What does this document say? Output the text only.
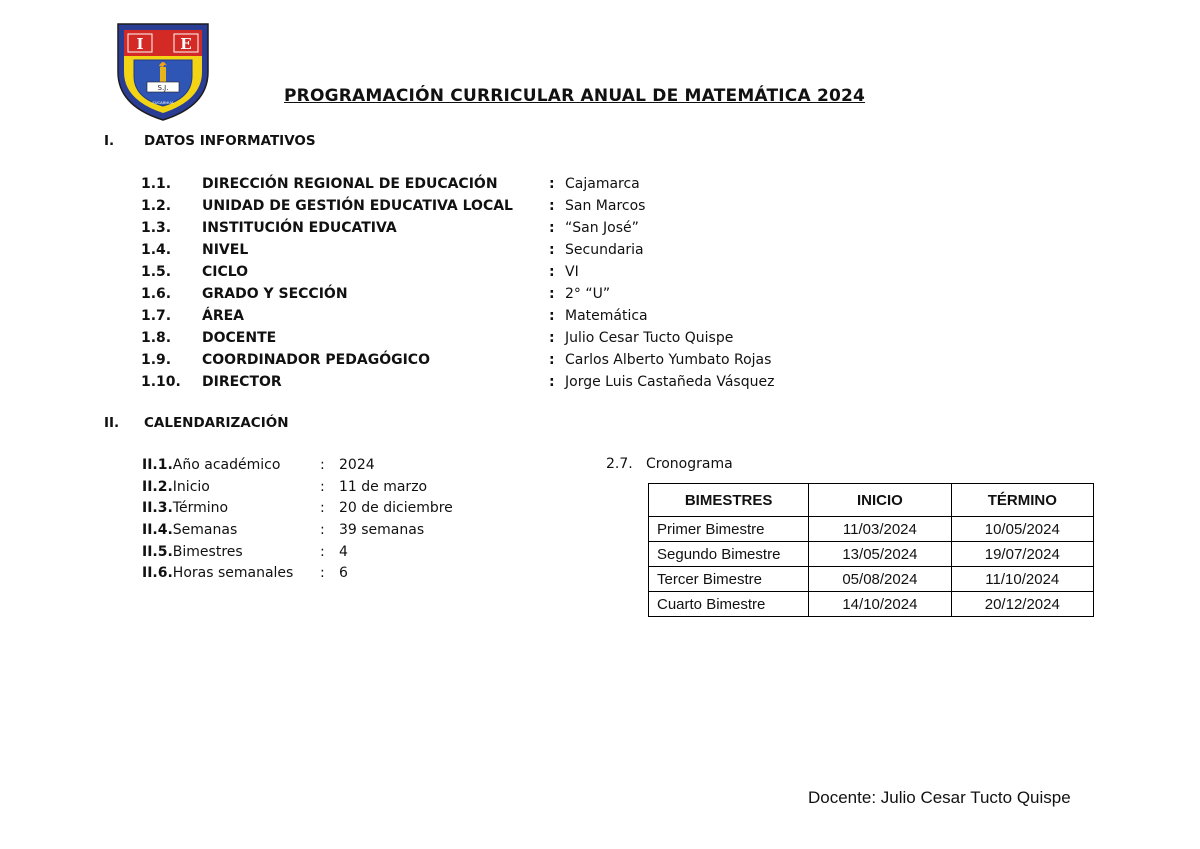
I E
S.J.
SUCARHUA	PROGRAMACIÓN CURRICULAR ANUAL DE MATEMÁTICA 2024
I. DATOS INFORMATIVOS
1.1. DIRECCIÓN REGIONAL DE EDUCACIÓN	: Cajamarca
1.2. UNIDAD DE GESTIÓN EDUCATIVA LOCAL	: San Marcos
1.3. INSTITUCIÓN EDUCATIVA	: “San José”
1.4. NIVEL	: Secundaria
1.5. CICLO	: VI
1.6. GRADO Y SECCIÓN	: 2° “U”
1.7. ÁREA	: Matemática
1.8. DOCENTE	: Julio Cesar Tucto Quispe
1.9. COORDINADOR PEDAGÓGICO	: Carlos Alberto Yumbato Rojas
1.10. DIRECTOR	: Jorge Luis Castañeda Vásquez
II. CALENDARIZACIÓN
II.1.Año académico	: 2024
II.2.Inicio	: 11 de marzo
II.3.Término	: 20 de diciembre
II.4.Semanas	: 39 semanas
II.5.Bimestres	: 4
II.6.Horas semanales : 6
2.7. Cronograma
BIMESTRES	INICIO	TÉRMINO
Primer Bimestre	11/03/2024	10/05/2024
Segundo Bimestre	13/05/2024	19/07/2024
Tercer Bimestre	05/08/2024	11/10/2024
Cuarto Bimestre	14/10/2024	20/12/2024
Docente: Julio Cesar Tucto Quispe
